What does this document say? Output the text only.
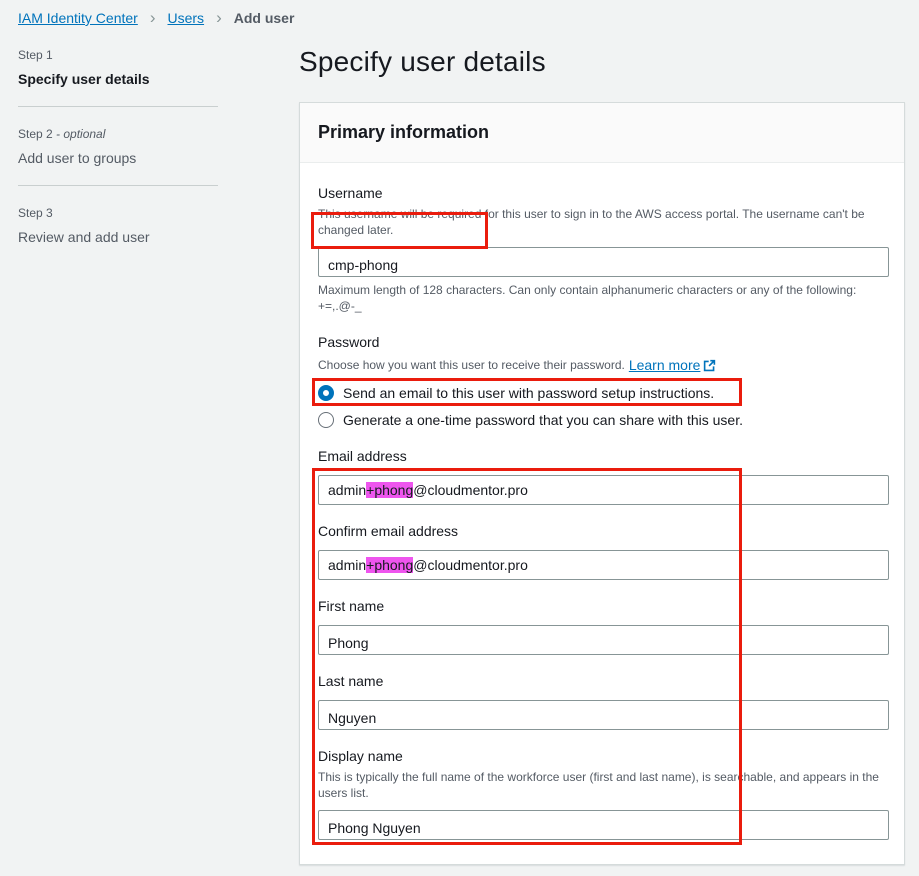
IAM Identity Center › Users › Add user
Step 1
Specify user details
Step 2 - optional
Add user to groups
Step 3
Review and add user
Specify user details
Primary information
Username
This username will be required for this user to sign in to the AWS access portal. The username can't be changed later.
cmp-phong
Maximum length of 128 characters. Can only contain alphanumeric characters or any of the following: +=,.@-_
Password
Choose how you want this user to receive their password. Learn more
Send an email to this user with password setup instructions.
Generate a one-time password that you can share with this user.
Email address
admin +phong @cloudmentor.pro
Confirm email address
admin +phong @cloudmentor.pro
First name
Phong
Last name
Nguyen
Display name
This is typically the full name of the workforce user (first and last name), is searchable, and appears in the users list.
Phong Nguyen
